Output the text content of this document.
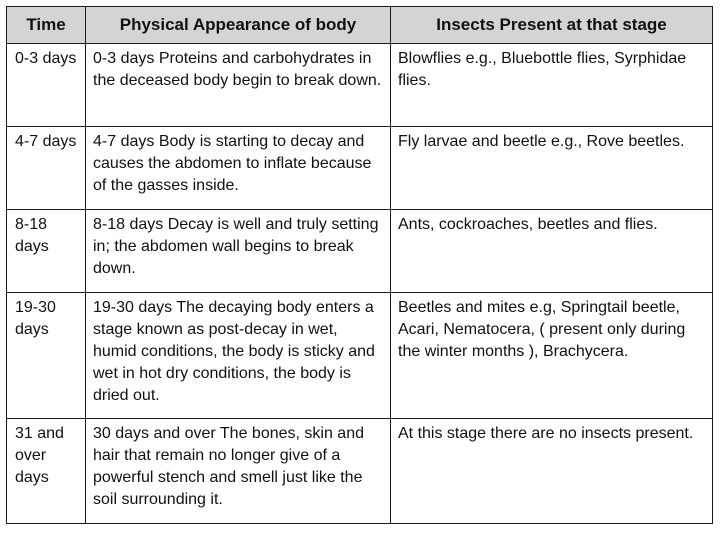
Time	Physical Appearance of body	Insects Present at that stage
0-3 days	0-3 days Proteins and carbohydrates in the deceased body begin to break down.	Blowflies e.g., Bluebottle flies, Syrphidae flies.
4-7 days	4-7 days Body is starting to decay and causes the abdomen to inflate because of the gasses inside.	Fly larvae and beetle e.g., Rove beetles.
8-18 days	8-18 days Decay is well and truly setting in; the abdomen wall begins to break down.	Ants, cockroaches, beetles and flies.
19-30 days	19-30 days The decaying body enters a stage known as post-decay in wet, humid conditions, the body is sticky and wet in hot dry conditions, the body is dried out.	Beetles and mites e.g, Springtail beetle, Acari, Nematocera, ( present only during the winter months ), Brachycera.
31 and over days	30 days and over The bones, skin and hair that remain no longer give of a powerful stench and smell just like the soil surrounding it.	At this stage there are no insects present.
